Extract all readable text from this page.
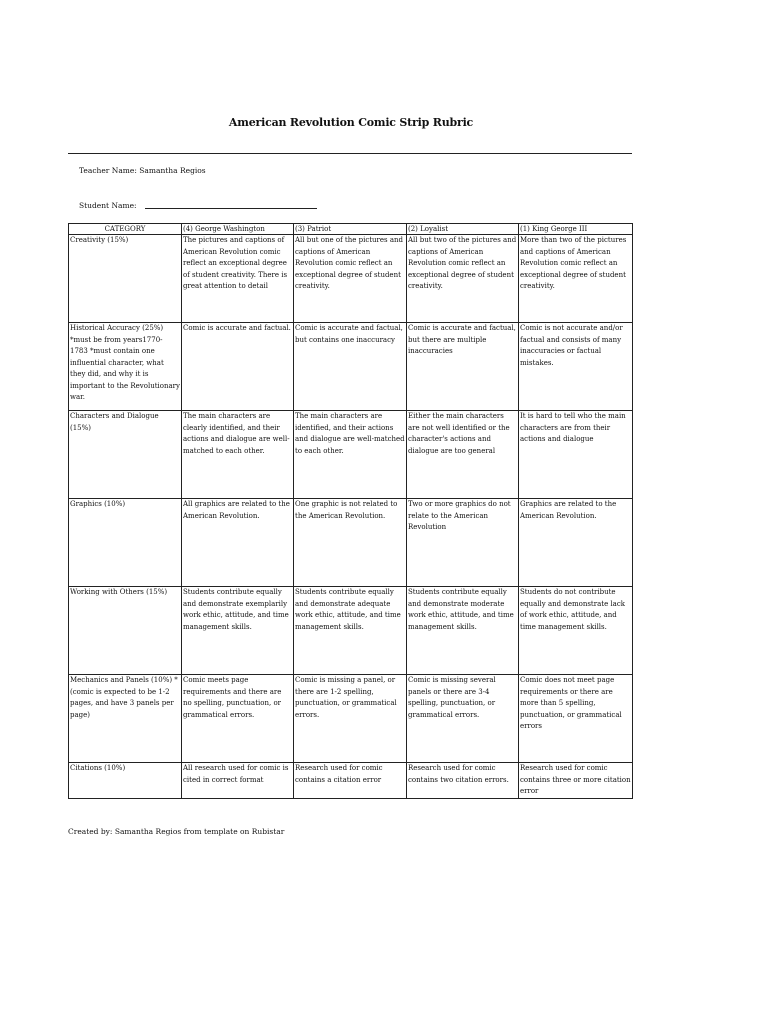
American Revolution Comic Strip Rubric
Teacher Name: Samantha Regios
Student Name:
CATEGORY	(4) George Washington	(3) Patriot	(2) Loyalist	(1) King George III
Creativity (15%)	The pictures and captions of American Revolution comic reflect an exceptional degree of student creativity. There is great attention to detail	All but one of the pictures and captions of American Revolution comic reflect an exceptional degree of student creativity.	All but two of the pictures and captions of American Revolution comic reflect an exceptional degree of student creativity.	More than two of the pictures and captions of American Revolution comic reflect an exceptional degree of student creativity.
Historical Accuracy (25%) *must be from years1770-1783 *must contain one influential character, what they did, and why it is important to the Revolutionary war.	Comic is accurate and factual.	Comic is accurate and factual, but contains one inaccuracy	Comic is accurate and factual, but there are multiple inaccuracies	Comic is not accurate and/or factual and consists of many inaccuracies or factual mistakes.
Characters and Dialogue (15%)	The main characters are clearly identified, and their actions and dialogue are well-matched to each other.	The main characters are identified, and their actions and dialogue are well-matched to each other.	Either the main characters are not well identified or the character's actions and dialogue are too general	It is hard to tell who the main characters are from their actions and dialogue
Graphics (10%)	All graphics are related to the American Revolution.	One graphic is not related to the American Revolution.	Two or more graphics do not relate to the American Revolution	Graphics are related to the American Revolution.
Working with Others (15%)	Students contribute equally and demonstrate exemplarily work ethic, attitude, and time management skills.	Students contribute equally and demonstrate adequate work ethic, attitude, and time management skills.	Students contribute equally and demonstrate moderate work ethic, attitude, and time management skills.	Students do not contribute equally and demonstrate lack of work ethic, attitude, and time management skills.
Mechanics and Panels (10%) *(comic is expected to be 1-2 pages, and have 3 panels per page)	Comic meets page requirements and there are no spelling, punctuation, or grammatical errors.	Comic is missing a panel, or there are 1-2 spelling, punctuation, or grammatical errors.	Comic is missing several panels or there are 3-4 spelling, punctuation, or grammatical errors.	Comic does not meet page requirements or there are more than 5 spelling, punctuation, or grammatical errors
Citations (10%)	All research used for comic is cited in correct format	Research used for comic contains a citation error	Research used for comic contains two citation errors.	Research used for comic contains three or more citation error
Created by: Samantha Regios from template on Rubistar
